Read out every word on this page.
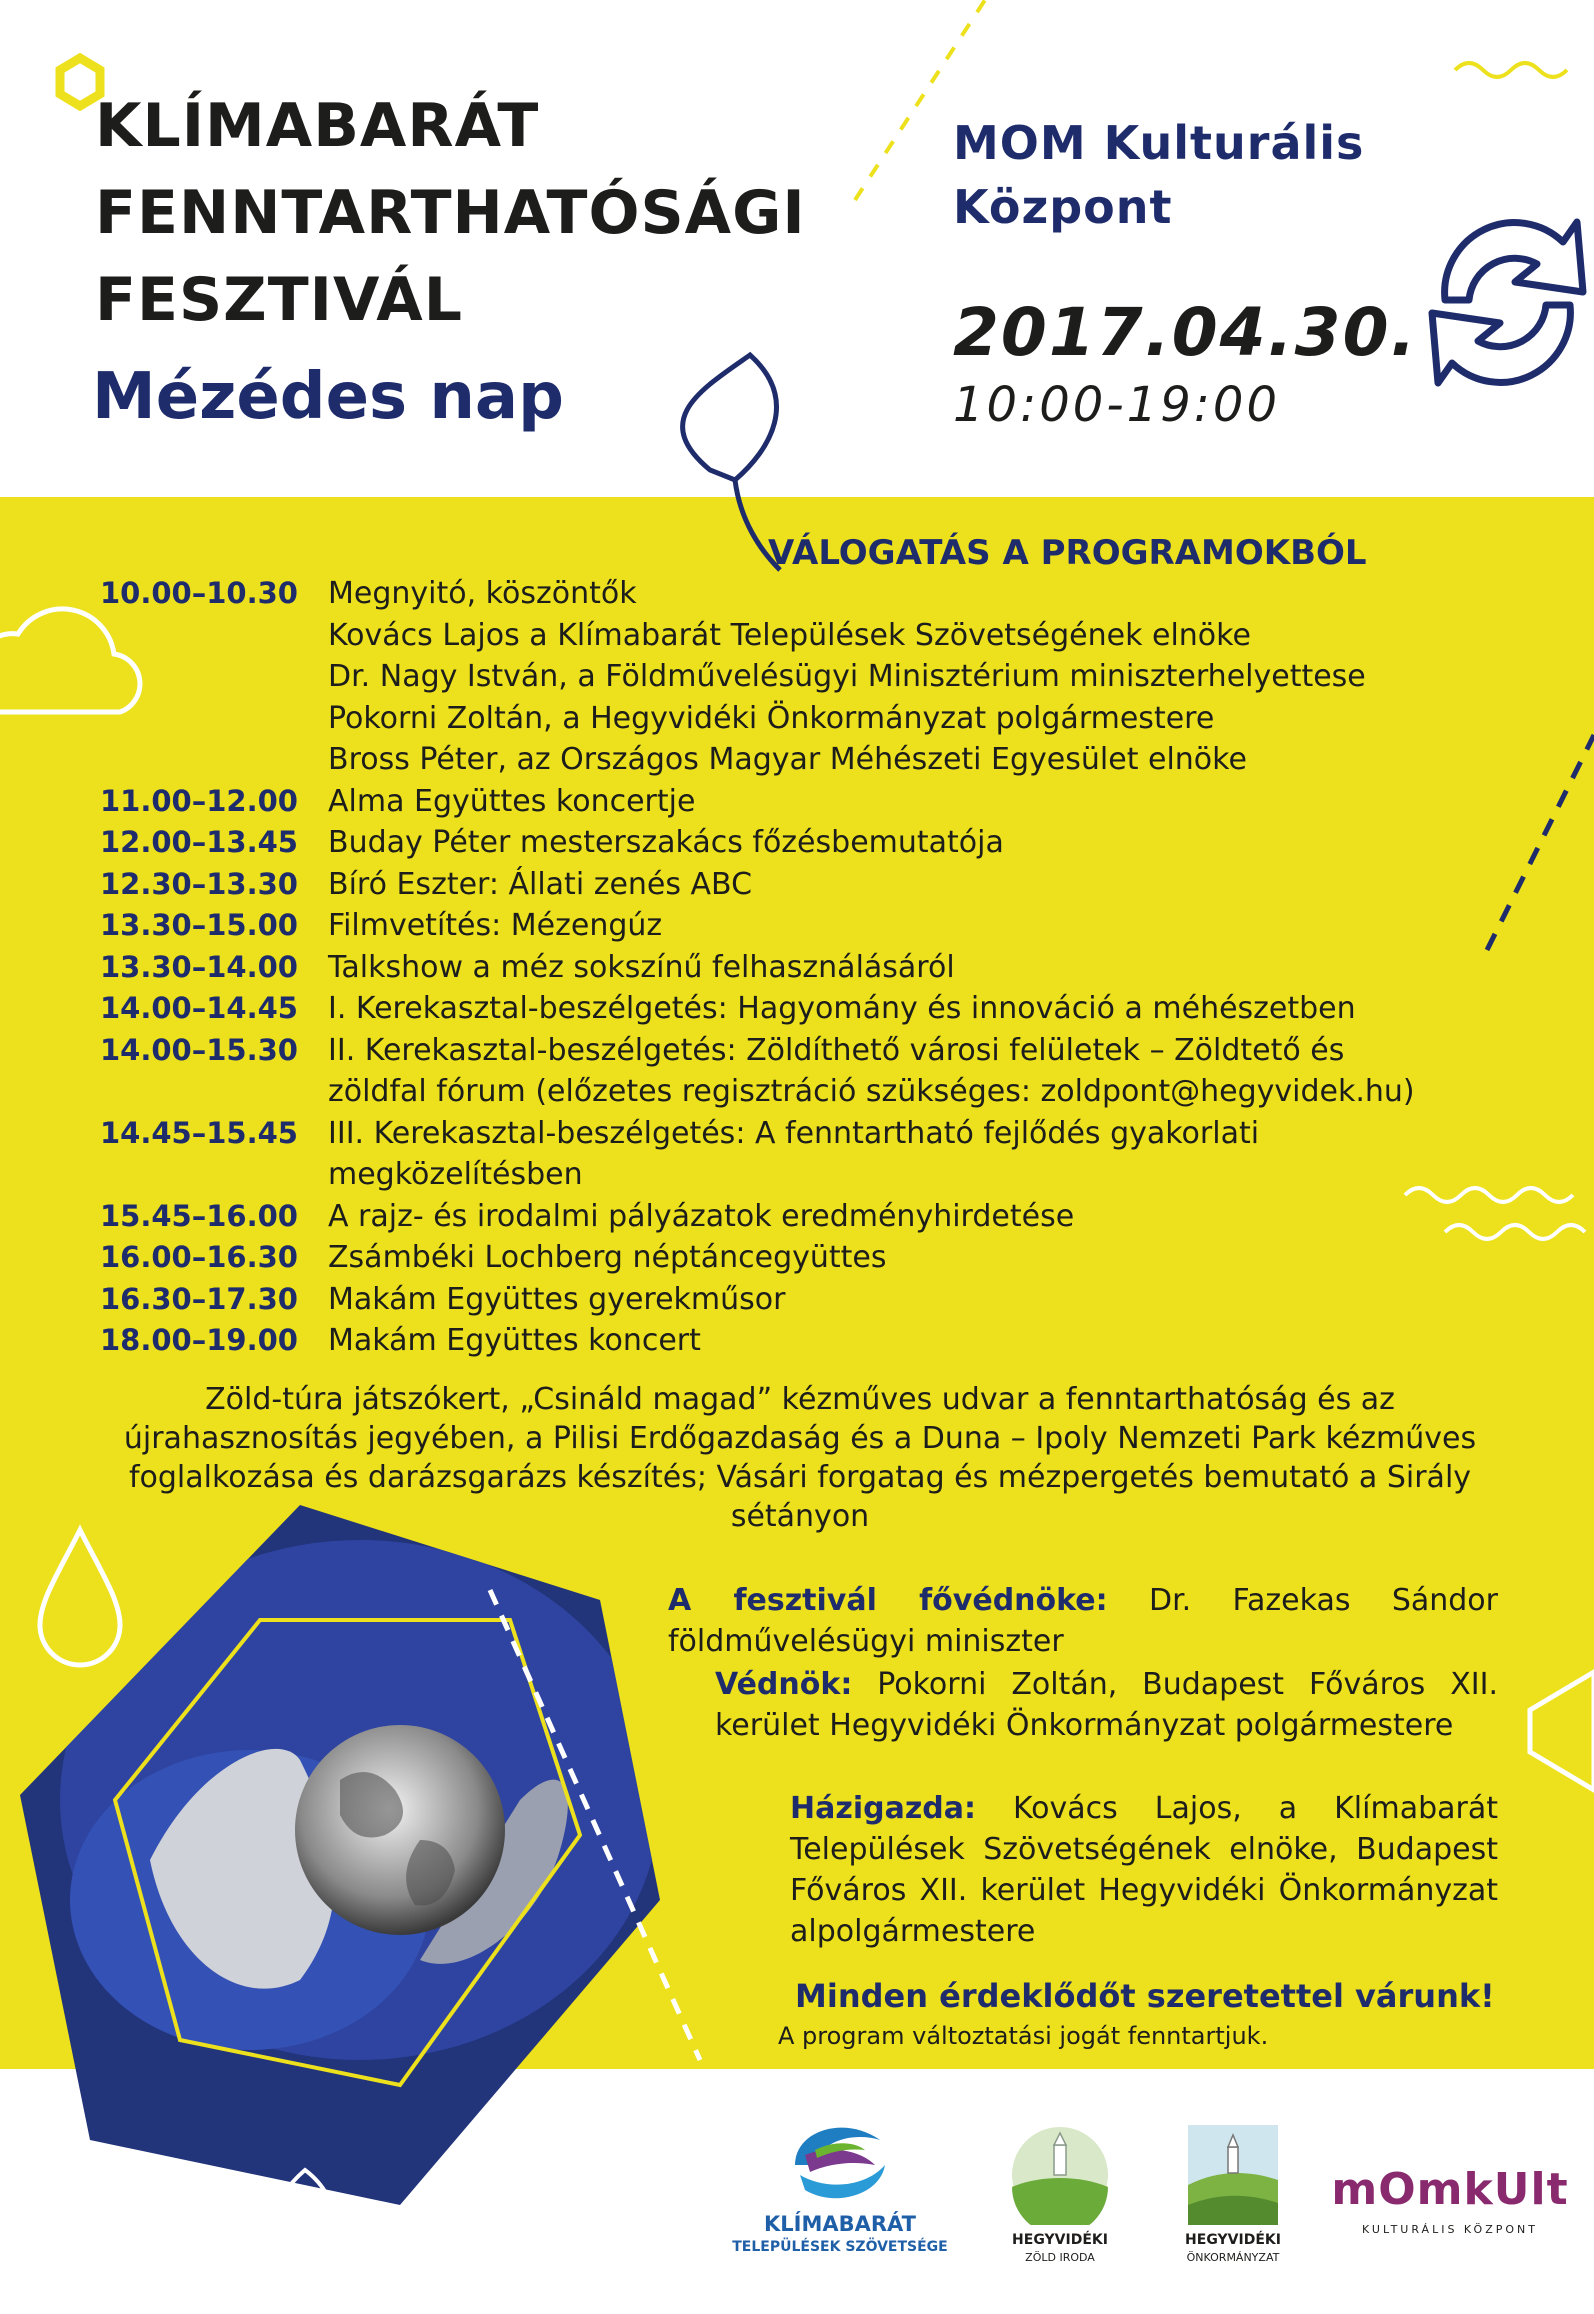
KLÍMABARÁT
FENNTARTHATÓSÁGI
FESZTIVÁL
Mézédes nap
MOM Kulturális
Központ
2017.04.30.
10:00-19:00
VÁLOGATÁS A PROGRAMOKBÓL
10.00–10.30	Megnyitó, köszöntők
Kovács Lajos a Klímabarát Települések Szövetségének elnöke
Dr. Nagy István, a Földművelésügyi Minisztérium miniszterhelyettese
Pokorni Zoltán, a Hegyvidéki Önkormányzat polgármestere
Bross Péter, az Országos Magyar Méhészeti Egyesület elnöke
11.00–12.00	Alma Együttes koncertje
12.00–13.45	Buday Péter mesterszakács főzésbemutatója
12.30–13.30	Bíró Eszter: Állati zenés ABC
13.30–15.00	Filmvetítés: Mézengúz
13.30–14.00	Talkshow a méz sokszínű felhasználásáról
14.00–14.45	I. Kerekasztal-beszélgetés: Hagyomány és innováció a méhészetben
14.00–15.30	II. Kerekasztal-beszélgetés: Zöldíthető városi felületek – Zöldtető és
zöldfal fórum (előzetes regisztráció szükséges: zoldpont@hegyvidek.hu)
14.45–15.45	III. Kerekasztal-beszélgetés: A fenntartható fejlődés gyakorlati
megközelítésben
15.45–16.00	A rajz- és irodalmi pályázatok eredményhirdetése
16.00–16.30	Zsámbéki Lochberg néptáncegyüttes
16.30–17.30	Makám Együttes gyerekműsor
18.00–19.00	Makám Együttes koncert
Zöld-túra játszókert, „Csináld magad” kézműves udvar a fenntarthatóság és az újrahasznosítás jegyében, a Pilisi Erdőgazdaság és a Duna – Ipoly Nemzeti Park kézműves foglalkozása és darázsgarázs készítés; Vásári forgatag és mézpergetés bemutató a Sirály sétányon
A fesztivál fővédnöke: Dr. Fazekas Sándor földművelésügyi miniszter
Védnök: Pokorni Zoltán, Budapest Főváros XII. kerület Hegyvidéki Önkormányzat polgármestere
Házigazda: Kovács Lajos, a Klímabarát Települések Szövetségének elnöke, Budapest Főváros XII. kerület Hegyvidéki Önkormányzat alpolgármestere
Minden érdeklődőt szeretettel várunk!
A program változtatási jogát fenntartjuk.
KLÍMABARÁT
TELEPÜLÉSEK SZÖVETSÉGE	HEGYVIDÉKI
ZÖLD IRODA
HEGYVIDÉKI
ÖNKORMÁNYZAT
mOmkUlt
KULTURÁLIS KÖZPONT
